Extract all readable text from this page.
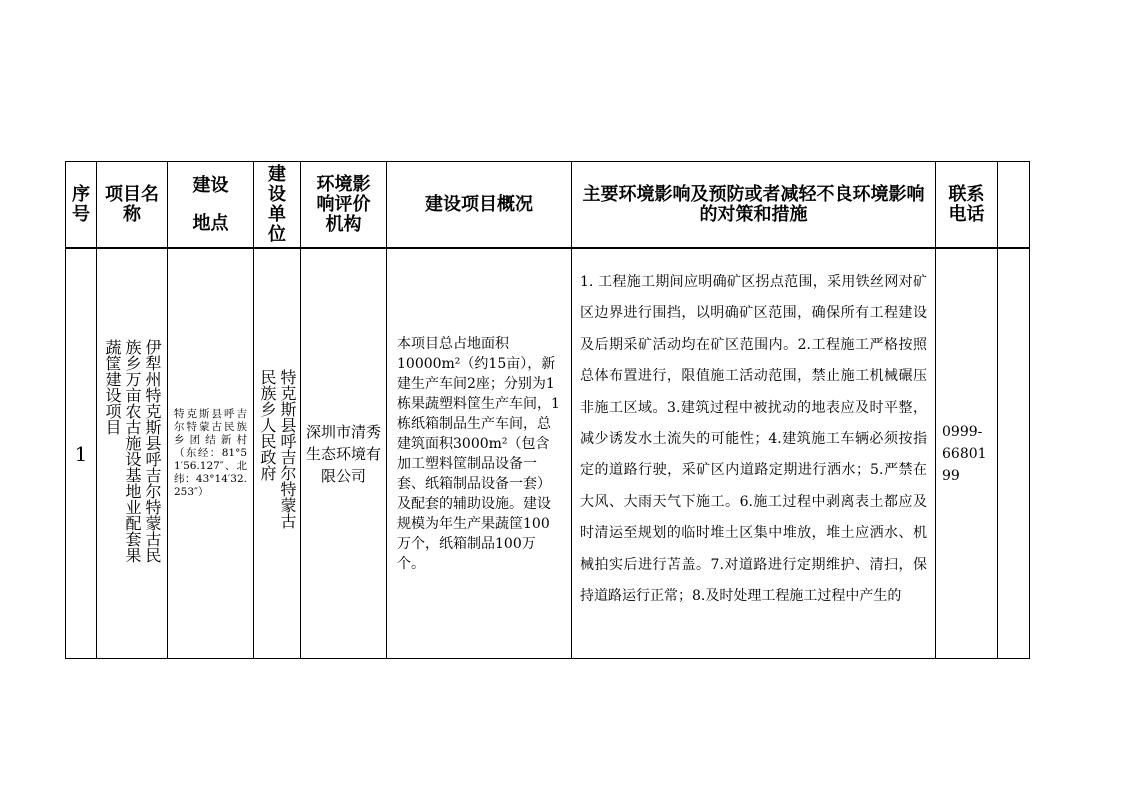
序号	项目名称	建设地点	建设单位	环境影响评价机构	建设项目概况	主要环境影响及预防或者减轻不良环境影响的对策和措施	联系电话	

1	伊犁州特克斯县呼吉尔特蒙古民族乡万亩农古施设基地业配套果蔬筐建设项目	特克斯县呼吉尔特蒙古民族乡团结新村（东经：81°51′56.127″、北纬：43°14′32.253″）	特克斯县呼吉尔特蒙古民族乡人民政府	深圳市清秀生态环境有限公司	本项目总占地面积10000m²（约15亩），新建生产车间2座；分别为1栋果蔬塑料筐生产车间，1栋纸箱制品生产车间，总建筑面积3000m²（包含加工塑料筐制品设备一套、纸箱制品设备一套）及配套的辅助设施。建设规模为年生产果蔬筐100万个，纸箱制品100万个。	1. 工程施工期间应明确矿区拐点范围，采用铁丝网对矿区边界进行围挡，以明确矿区范围，确保所有工程建设及后期采矿活动均在矿区范围内。2.工程施工严格按照总体布置进行，限值施工活动范围，禁止施工机械碾压非施工区域。3.建筑过程中被扰动的地表应及时平整，减少诱发水土流失的可能性；4.建筑施工车辆必须按指定的道路行驶，采矿区内道路定期进行洒水；5.严禁在大风、大雨天气下施工。6.施工过程中剥离表土都应及时清运至规划的临时堆土区集中堆放，堆土应洒水、机械拍实后进行苫盖。7.对道路进行定期维护、清扫，保持道路运行正常；8.及时处理工程施工过程中产生的	0999-6680199	
